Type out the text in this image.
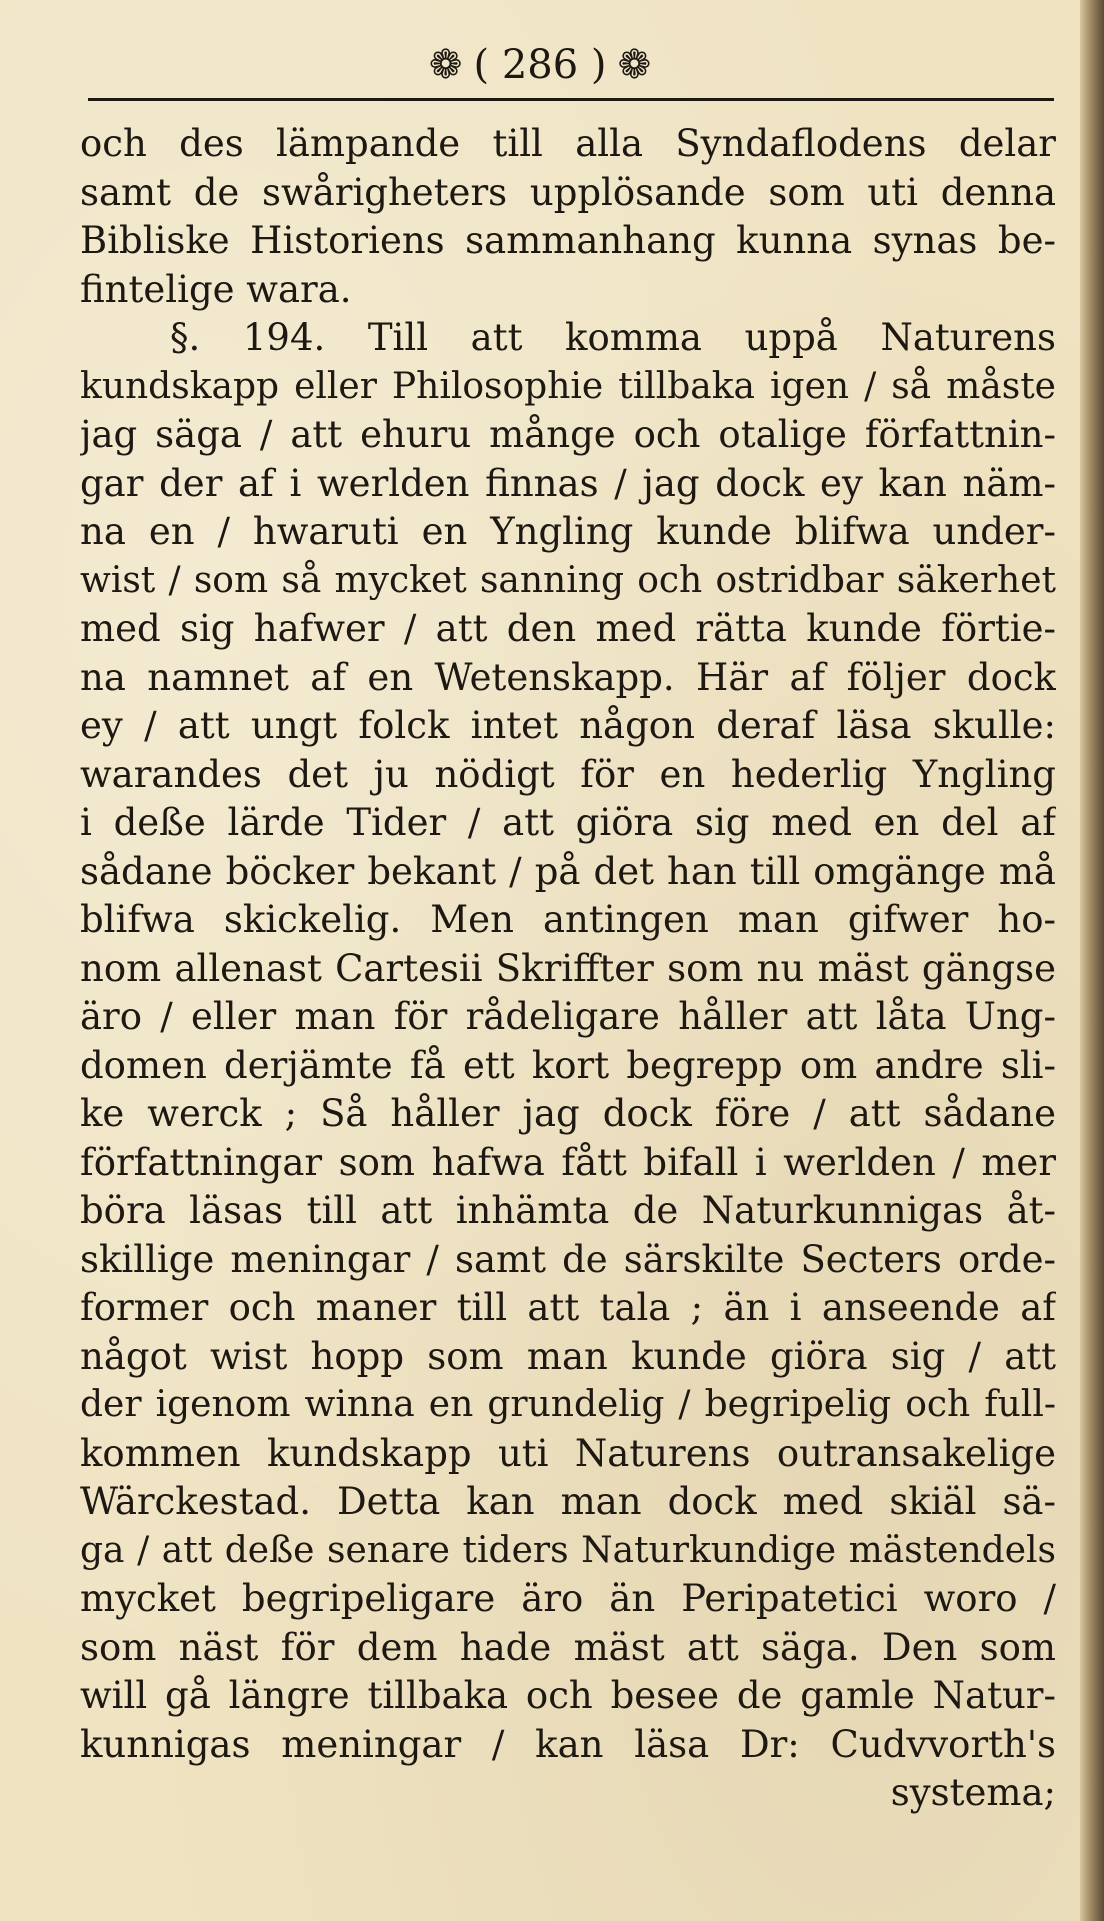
❁ ( 286 ) ❁
och des lämpande till alla Syndaflodens delar
samt de swårigheters upplösande som uti denna
Bibliske Historiens sammanhang kunna synas be-
fintelige wara.
§. 194. Till att komma uppå Naturens
kundskapp eller Philosophie tillbaka igen / så måste
jag säga / att ehuru månge och otalige författnin-
gar der af i werlden finnas / jag dock ey kan näm-
na en / hwaruti en Yngling kunde blifwa under-
wist / som så mycket sanning och ostridbar säkerhet
med sig hafwer / att den med rätta kunde förtie-
na namnet af en Wetenskapp. Här af följer dock
ey / att ungt folck intet någon deraf läsa skulle:
warandes det ju nödigt för en hederlig Yngling
i deße lärde Tider / att giöra sig med en del af
sådane böcker bekant / på det han till omgänge må
blifwa skickelig. Men antingen man gifwer ho-
nom allenast Cartesii Skriffter som nu mäst gängse
äro / eller man för rådeligare håller att låta Ung-
domen derjämte få ett kort begrepp om andre sli-
ke werck ; Så håller jag dock före / att sådane
författningar som hafwa fått bifall i werlden / mer
böra läsas till att inhämta de Naturkunnigas åt-
skillige meningar / samt de särskilte Secters orde-
former och maner till att tala ; än i anseende af
något wist hopp som man kunde giöra sig / att
der igenom winna en grundelig / begripelig och full-
kommen kundskapp uti Naturens outransakelige
Wärckestad. Detta kan man dock med skiäl sä-
ga / att deße senare tiders Naturkundige mästendels
mycket begripeligare äro än Peripatetici woro /
som näst för dem hade mäst att säga. Den som
will gå längre tillbaka och besee de gamle Natur-
kunnigas meningar / kan läsa Dr: Cudvvorth's
systema;
